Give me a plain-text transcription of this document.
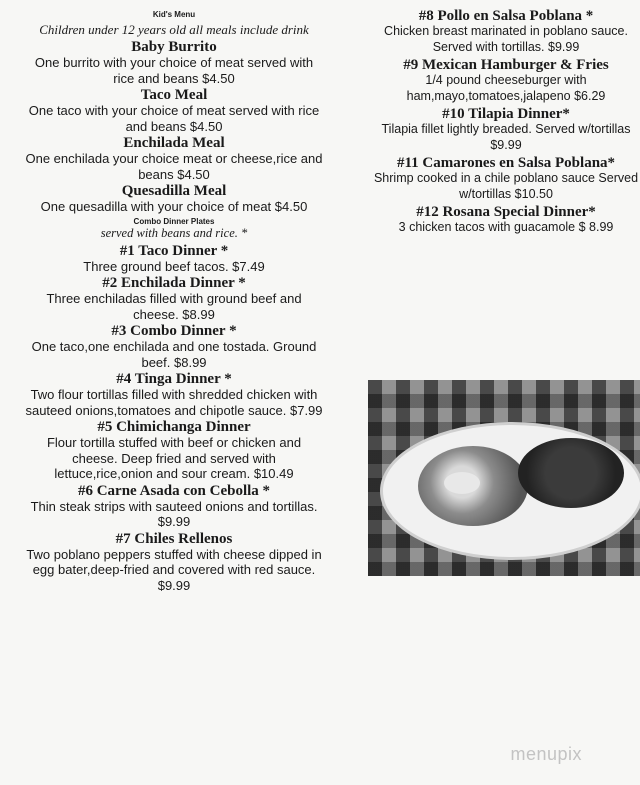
Kid's Menu
Children under 12 years old all meals include drink
Baby Burrito
One burrito with your choice of meat served with rice and beans $4.50
Taco Meal
One taco with your choice of meat served with rice and beans $4.50
Enchilada Meal
One enchilada your choice meat or cheese,rice and beans $4.50
Quesadilla Meal
One quesadilla with your choice of meat $4.50
Combo Dinner Plates
served with beans and rice. *
#1 Taco Dinner *
Three ground beef tacos. $7.49
#2 Enchilada Dinner *
Three enchiladas filled with ground beef and cheese. $8.99
#3 Combo Dinner *
One taco,one enchilada and one tostada. Ground beef. $8.99
#4 Tinga Dinner *
Two flour tortillas filled with shredded chicken with sauteed onions,tomatoes and chipotle sauce. $7.99
#5 Chimichanga Dinner
Flour tortilla stuffed with beef or chicken and cheese. Deep fried and served with lettuce,rice,onion and sour cream. $10.49
#6 Carne Asada con Cebolla *
Thin steak strips with sauteed onions and tortillas. $9.99
#7 Chiles Rellenos
Two poblano peppers stuffed with cheese dipped in egg bater,deep-fried and covered with red sauce. $9.99
#8 Pollo en Salsa Poblana *
Chicken breast marinated in poblano sauce. Served with tortillas. $9.99
#9 Mexican Hamburger & Fries
1/4 pound cheeseburger with ham,mayo,tomatoes,jalapeno $6.29
#10 Tilapia Dinner*
Tilapia fillet lightly breaded. Served w/tortillas $9.99
#11 Camarones en Salsa Poblana*
Shrimp cooked in a chile poblano sauce Served w/tortillas $10.50
#12 Rosana Special Dinner*
3 chicken tacos with guacamole $ 8.99
menupix
